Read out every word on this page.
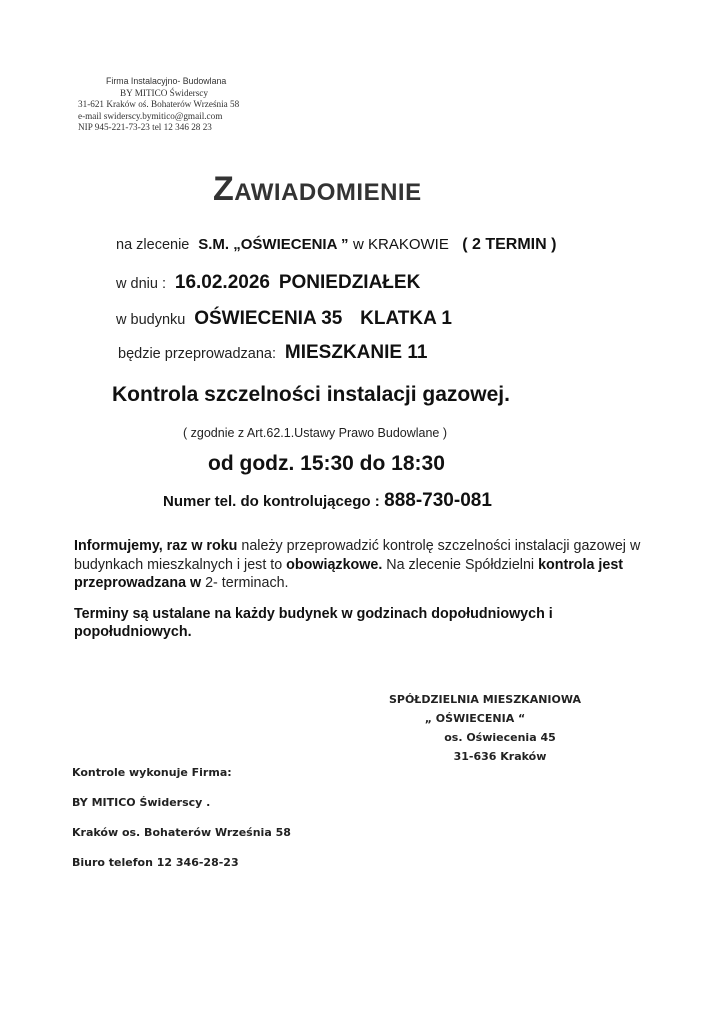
Firma Instalacyjno- Budowlana
BY MITICO Świderscy
31-621 Kraków oś. Bohaterów Września 58
e-mail swiderscy.bymitico@gmail.com
NIP 945-221-73-23 tel 12 346 28 23
Zawiadomienie
na zlecenie S.M. „OŚWIECENIA ” w KRAKOWIE ( 2 TERMIN )
w dniu : 16.02.2026 PONIEDZIAŁEK
w budynku OŚWIECENIA 35 KLATKA 1
będzie przeprowadzana: MIESZKANIE 11
Kontrola szczelności instalacji gazowej.
( zgodnie z Art.62.1.Ustawy Prawo Budowlane )
od godz. 15:30 do 18:30
Numer tel. do kontrolującego : 888-730-081

Informujemy, raz w roku należy przeprowadzić kontrolę szczelności instalacji gazowej w budynkach mieszkalnych i jest to obowiązkowe. Na zlecenie Spółdzielni kontrola jest przeprowadzana w 2- terminach.

Terminy są ustalane na każdy budynek w godzinach dopołudniowych i popołudniowych.

SPÓŁDZIELNIA MIESZKANIOWA
„ OŚWIECENIA “
os. Oświecenia 45
31-636 Kraków
Kontrole wykonuje Firma:
BY MITICO Świderscy .
Kraków os. Bohaterów Września 58
Biuro telefon 12 346-28-23
